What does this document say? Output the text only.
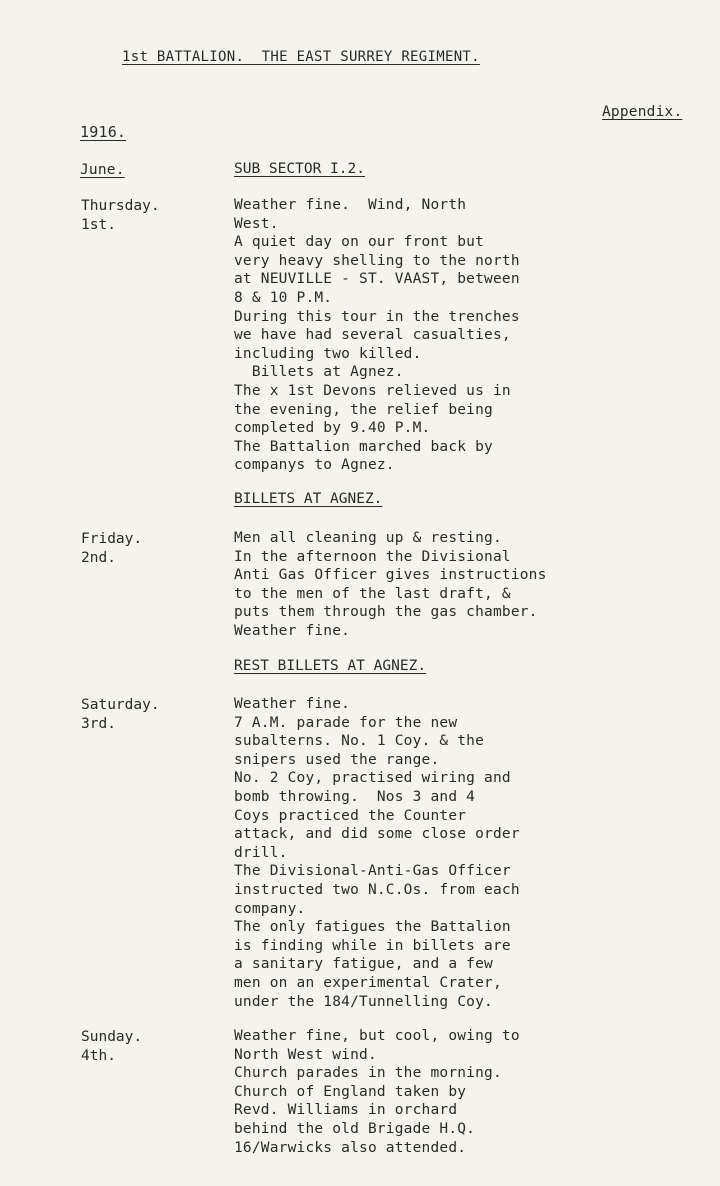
1st BATTALION.  THE EAST SURREY REGIMENT.
Appendix.
1916.
June.	SUB SECTOR I.2.
Thursday.
1st.

Weather fine.  Wind, North

West.

A quiet day on our front but

very heavy shelling to the north

at NEUVILLE - ST. VAAST, between

8 & 10 P.M.

During this tour in the trenches

we have had several casualties,

including two killed.

Billets at Agnez.

The x 1st Devons relieved us in

the evening, the relief being

completed by 9.40 P.M.

The Battalion marched back by

companys to Agnez.

BILLETS AT AGNEZ.
Friday.
2nd.

Men all cleaning up & resting.

In the afternoon the Divisional

Anti Gas Officer gives instructions

to the men of the last draft, &

puts them through the gas chamber.

Weather fine.

REST BILLETS AT AGNEZ.
Saturday.
3rd.

Weather fine.

7 A.M. parade for the new

subalterns. No. 1 Coy. & the

snipers used the range.

No. 2 Coy, practised wiring and

bomb throwing.  Nos 3 and 4

Coys practiced the Counter

attack, and did some close order

drill.

The Divisional-Anti-Gas Officer

instructed two N.C.Os. from each

company.

The only fatigues the Battalion

is finding while in billets are

a sanitary fatigue, and a few

men on an experimental Crater,

under the 184/Tunnelling Coy.

Sunday.
4th.

Weather fine, but cool, owing to

North West wind.

Church parades in the morning.

Church of England taken by

Revd. Williams in orchard

behind the old Brigade H.Q.

16/Warwicks also attended.
